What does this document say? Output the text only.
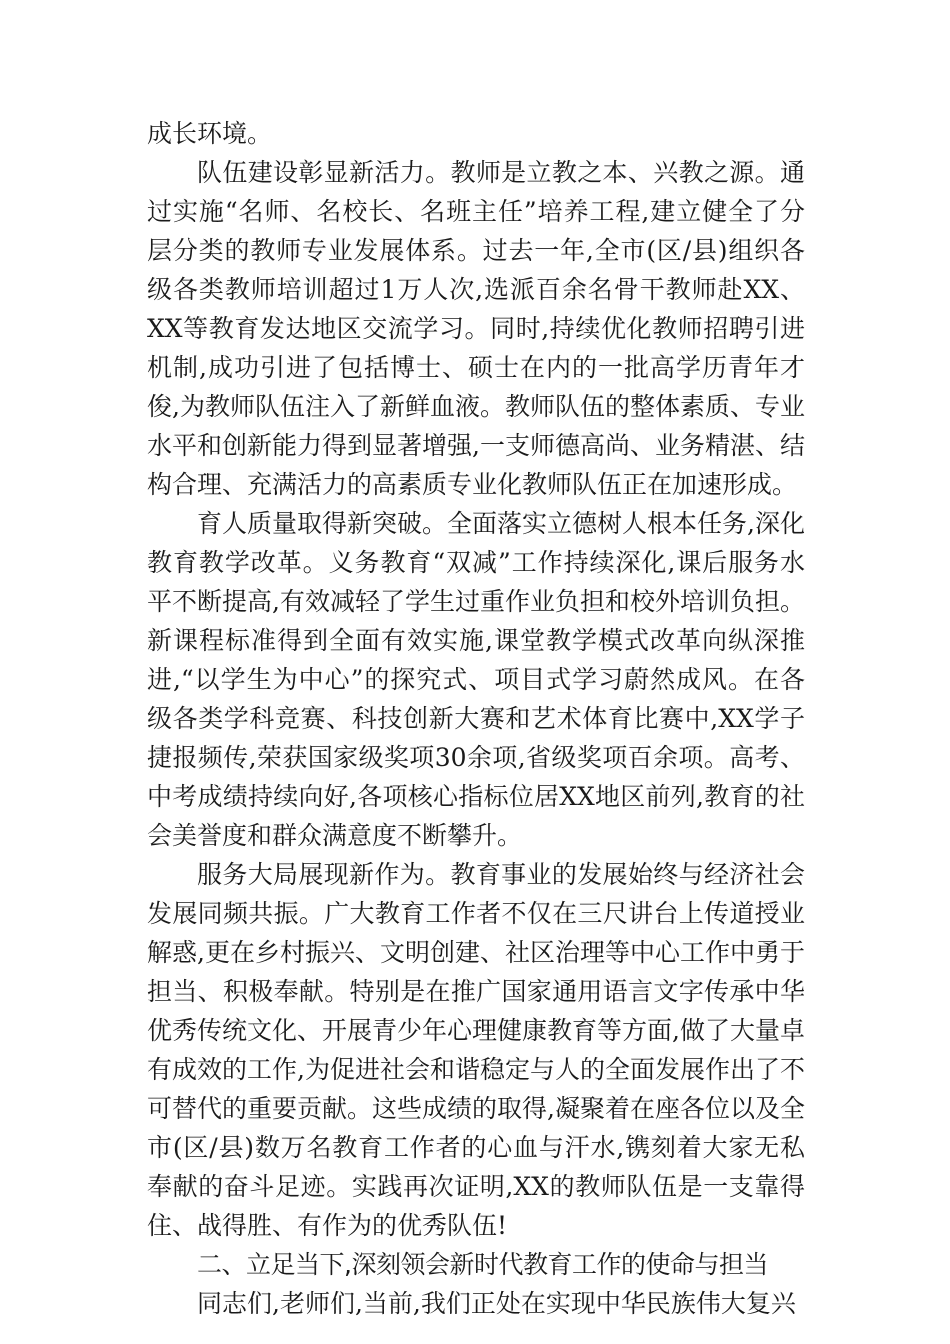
成长环境。

队伍建设彰显新活力。教师是立教之本、兴教之源。通过实施“名师、名校长、名班主任”培养工程,建立健全了分层分类的教师专业发展体系。过去一年,全市(区/县)组织各级各类教师培训超过1万人次,选派百余名骨干教师赴XX、XX等教育发达地区交流学习。同时,持续优化教师招聘引进机制,成功引进了包括博士、硕士在内的一批高学历青年才俊,为教师队伍注入了新鲜血液。教师队伍的整体素质、专业水平和创新能力得到显著增强,一支师德高尚、业务精湛、结构合理、充满活力的高素质专业化教师队伍正在加速形成。

育人质量取得新突破。全面落实立德树人根本任务,深化教育教学改革。义务教育“双减”工作持续深化,课后服务水平不断提高,有效减轻了学生过重作业负担和校外培训负担。新课程标准得到全面有效实施,课堂教学模式改革向纵深推进,“以学生为中心”的探究式、项目式学习蔚然成风。在各级各类学科竞赛、科技创新大赛和艺术体育比赛中,XX学子捷报频传,荣获国家级奖项30余项,省级奖项百余项。高考、中考成绩持续向好,各项核心指标位居XX地区前列,教育的社会美誉度和群众满意度不断攀升。

服务大局展现新作为。教育事业的发展始终与经济社会发展同频共振。广大教育工作者不仅在三尺讲台上传道授业解惑,更在乡村振兴、文明创建、社区治理等中心工作中勇于担当、积极奉献。特别是在推广国家通用语言文字传承中华优秀传统文化、开展青少年心理健康教育等方面,做了大量卓有成效的工作,为促进社会和谐稳定与人的全面发展作出了不可替代的重要贡献。这些成绩的取得,凝聚着在座各位以及全市(区/县)数万名教育工作者的心血与汗水,镌刻着大家无私奉献的奋斗足迹。实践再次证明,XX的教师队伍是一支靠得住、战得胜、有作为的优秀队伍!

二、立足当下,深刻领会新时代教育工作的使命与担当

同志们,老师们,当前,我们正处在实现中华民族伟大复兴
